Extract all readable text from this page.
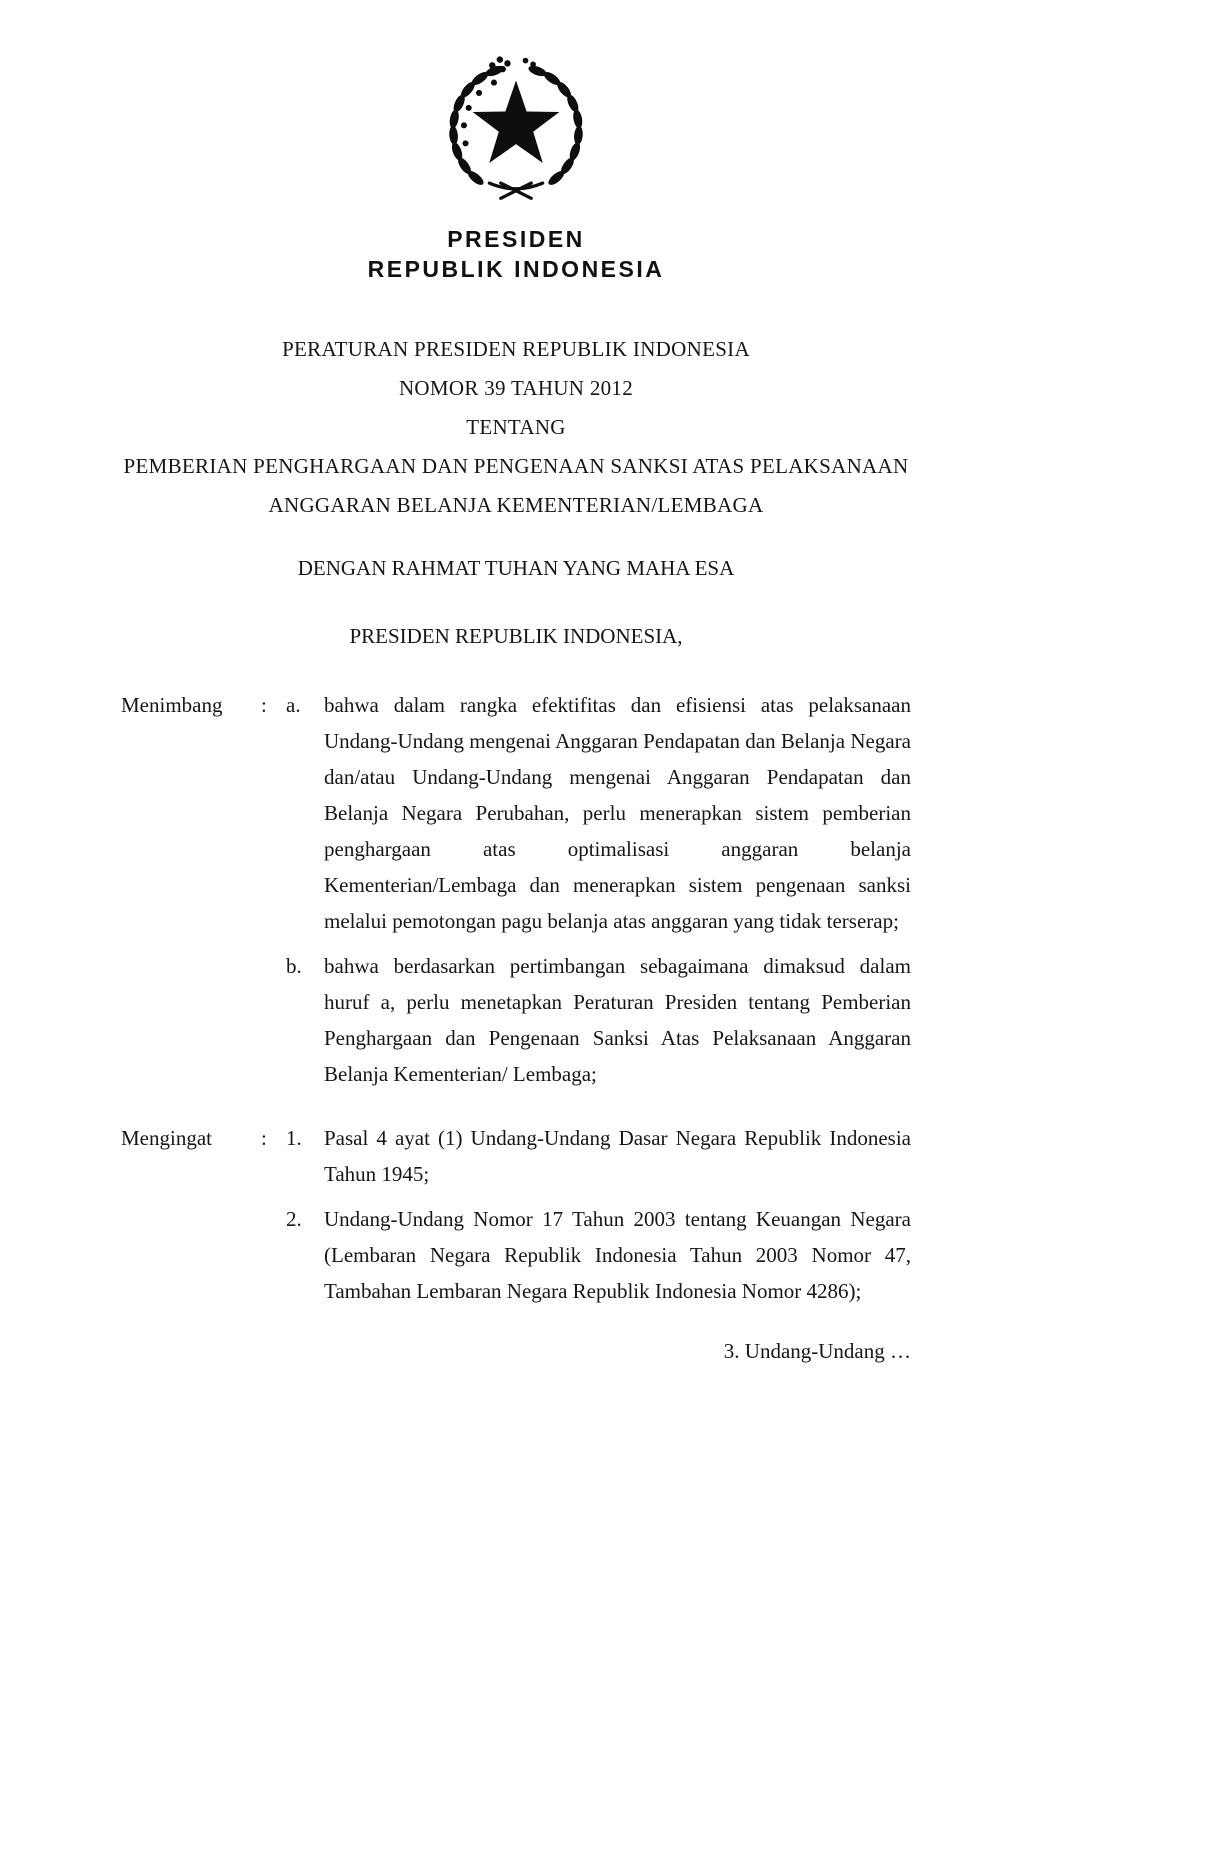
PRESIDEN
REPUBLIK INDONESIA
PERATURAN PRESIDEN REPUBLIK INDONESIA
NOMOR 39 TAHUN 2012
TENTANG
PEMBERIAN PENGHARGAAN DAN PENGENAAN SANKSI ATAS PELAKSANAAN
ANGGARAN BELANJA KEMENTERIAN/LEMBAGA
DENGAN RAHMAT TUHAN YANG MAHA ESA
PRESIDEN REPUBLIK INDONESIA,
Menimbang	: a.	bahwa dalam rangka efektifitas dan efisiensi atas pelaksanaan Undang-Undang mengenai Anggaran Pendapatan dan Belanja Negara dan/atau Undang-Undang mengenai Anggaran Pendapatan dan Belanja Negara Perubahan, perlu menerapkan sistem pemberian penghargaan atas optimalisasi anggaran belanja Kementerian/Lembaga dan menerapkan sistem pengenaan sanksi melalui pemotongan pagu belanja atas anggaran yang tidak terserap;
b.	bahwa berdasarkan pertimbangan sebagaimana dimaksud dalam huruf a, perlu menetapkan Peraturan Presiden tentang Pemberian Penghargaan dan Pengenaan Sanksi Atas Pelaksanaan Anggaran Belanja Kementerian/ Lembaga;
Mengingat	: 1.	Pasal 4 ayat (1) Undang-Undang Dasar Negara Republik Indonesia Tahun 1945;
2.	Undang-Undang Nomor 17 Tahun 2003 tentang Keuangan Negara (Lembaran Negara Republik Indonesia Tahun 2003 Nomor 47, Tambahan Lembaran Negara Republik Indonesia Nomor 4286);
3. Undang-Undang …
